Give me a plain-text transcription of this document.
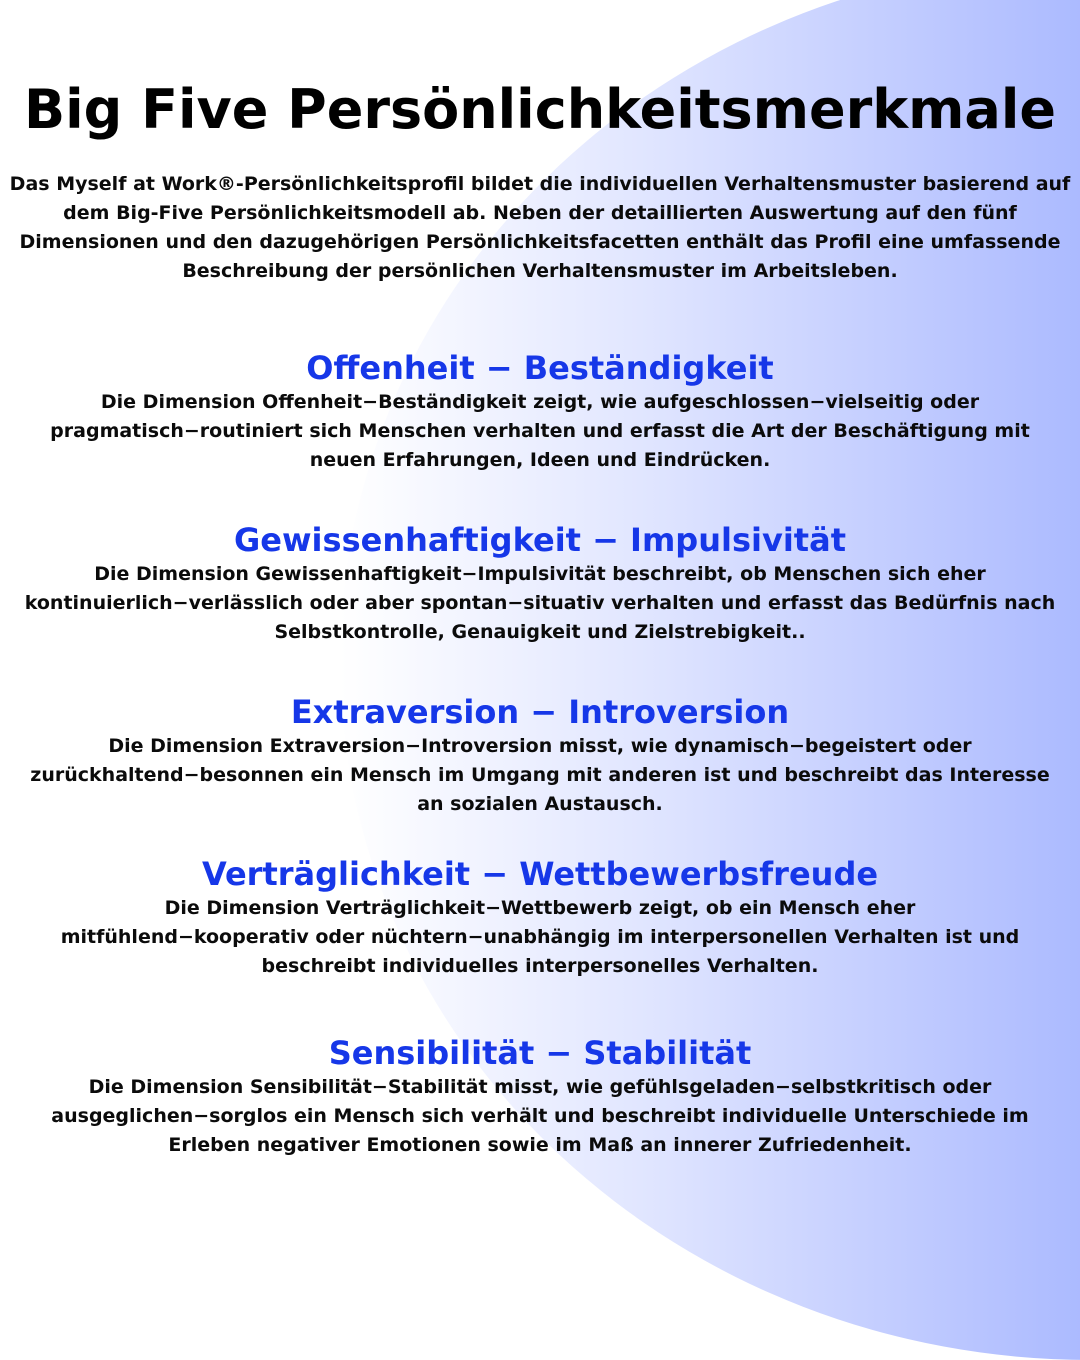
Big Five Persönlichkeitsmerkmale

Das Myself at Work®-Persönlichkeitsprofil bildet die individuellen Verhaltensmuster basierend auf dem Big-Five Persönlichkeitsmodell ab. Neben der detaillierten Auswertung auf den fünf Dimensionen und den dazugehörigen Persönlichkeitsfacetten enthält das Profil eine umfassende Beschreibung der persönlichen Verhaltensmuster im Arbeitsleben.

Offenheit − Beständigkeit

Die Dimension Offenheit−Beständigkeit zeigt, wie aufgeschlossen−vielseitig oder pragmatisch−routiniert sich Menschen verhalten und erfasst die Art der Beschäftigung mit neuen Erfahrungen, Ideen und Eindrücken.

Gewissenhaftigkeit − Impulsivität

Die Dimension Gewissenhaftigkeit−Impulsivität beschreibt, ob Menschen sich eher kontinuierlich−verlässlich oder aber spontan−situativ verhalten und erfasst das Bedürfnis nach Selbstkontrolle, Genauigkeit und Zielstrebigkeit..

Extraversion − Introversion

Die Dimension Extraversion−Introversion misst, wie dynamisch−begeistert oder zurückhaltend−besonnen ein Mensch im Umgang mit anderen ist und beschreibt das Interesse an sozialen Austausch.

Verträglichkeit − Wettbewerbsfreude

Die Dimension Verträglichkeit−Wettbewerb zeigt, ob ein Mensch eher mitfühlend−kooperativ oder nüchtern−unabhängig im interpersonellen Verhalten ist und beschreibt individuelles interpersonelles Verhalten.

Sensibilität − Stabilität

Die Dimension Sensibilität−Stabilität misst, wie gefühlsgeladen−selbstkritisch oder ausgeglichen−sorglos ein Mensch sich verhält und beschreibt individuelle Unterschiede im Erleben negativer Emotionen sowie im Maß an innerer Zufriedenheit.
